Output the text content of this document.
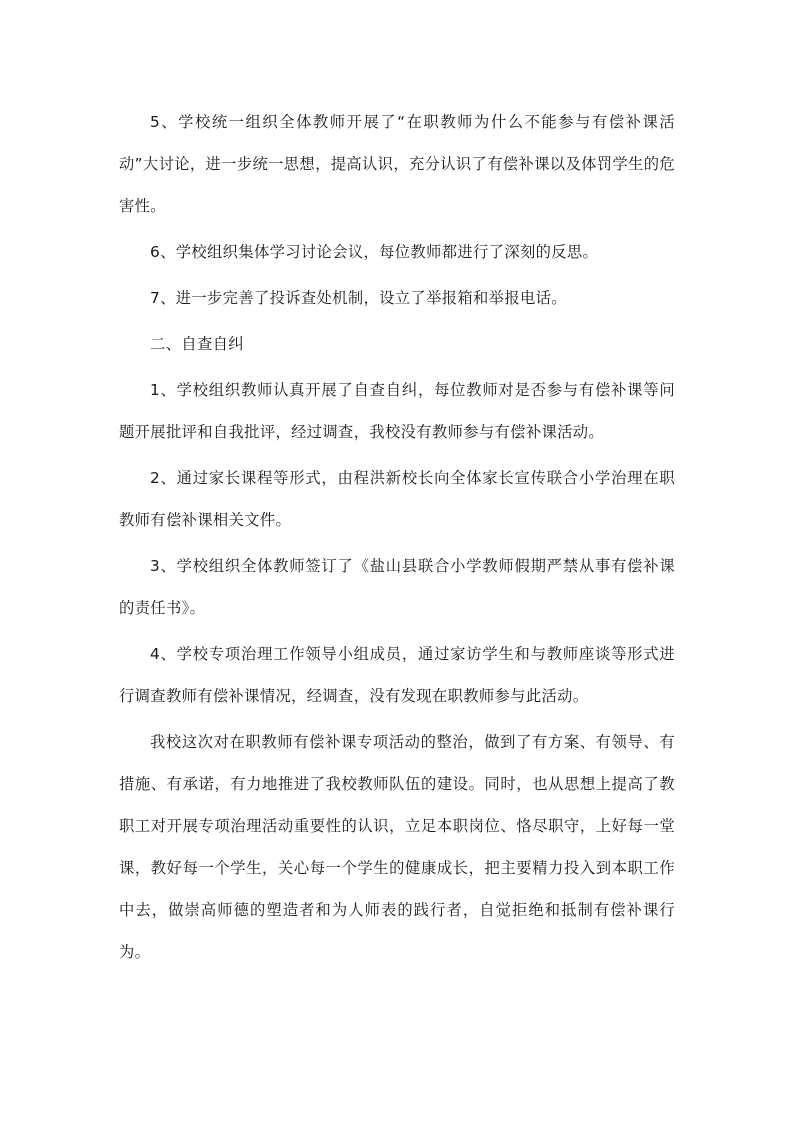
5、学校统一组织全体教师开展了“在职教师为什么不能参与有偿补课活动”大讨论，进一步统一思想，提高认识，充分认识了有偿补课以及体罚学生的危害性。

6、学校组织集体学习讨论会议，每位教师都进行了深刻的反思。

7、进一步完善了投诉查处机制，设立了举报箱和举报电话。

二、自查自纠

1、学校组织教师认真开展了自查自纠，每位教师对是否参与有偿补课等问题开展批评和自我批评，经过调查，我校没有教师参与有偿补课活动。

2、通过家长课程等形式，由程洪新校长向全体家长宣传联合小学治理在职教师有偿补课相关文件。

3、学校组织全体教师签订了《盐山县联合小学教师假期严禁从事有偿补课的责任书》。

4、学校专项治理工作领导小组成员，通过家访学生和与教师座谈等形式进行调查教师有偿补课情况，经调查，没有发现在职教师参与此活动。

我校这次对在职教师有偿补课专项活动的整治，做到了有方案、有领导、有措施、有承诺，有力地推进了我校教师队伍的建设。同时，也从思想上提高了教职工对开展专项治理活动重要性的认识，立足本职岗位、恪尽职守，上好每一堂课，教好每一个学生，关心每一个学生的健康成长，把主要精力投入到本职工作中去，做崇高师德的塑造者和为人师表的践行者，自觉拒绝和抵制有偿补课行为。
